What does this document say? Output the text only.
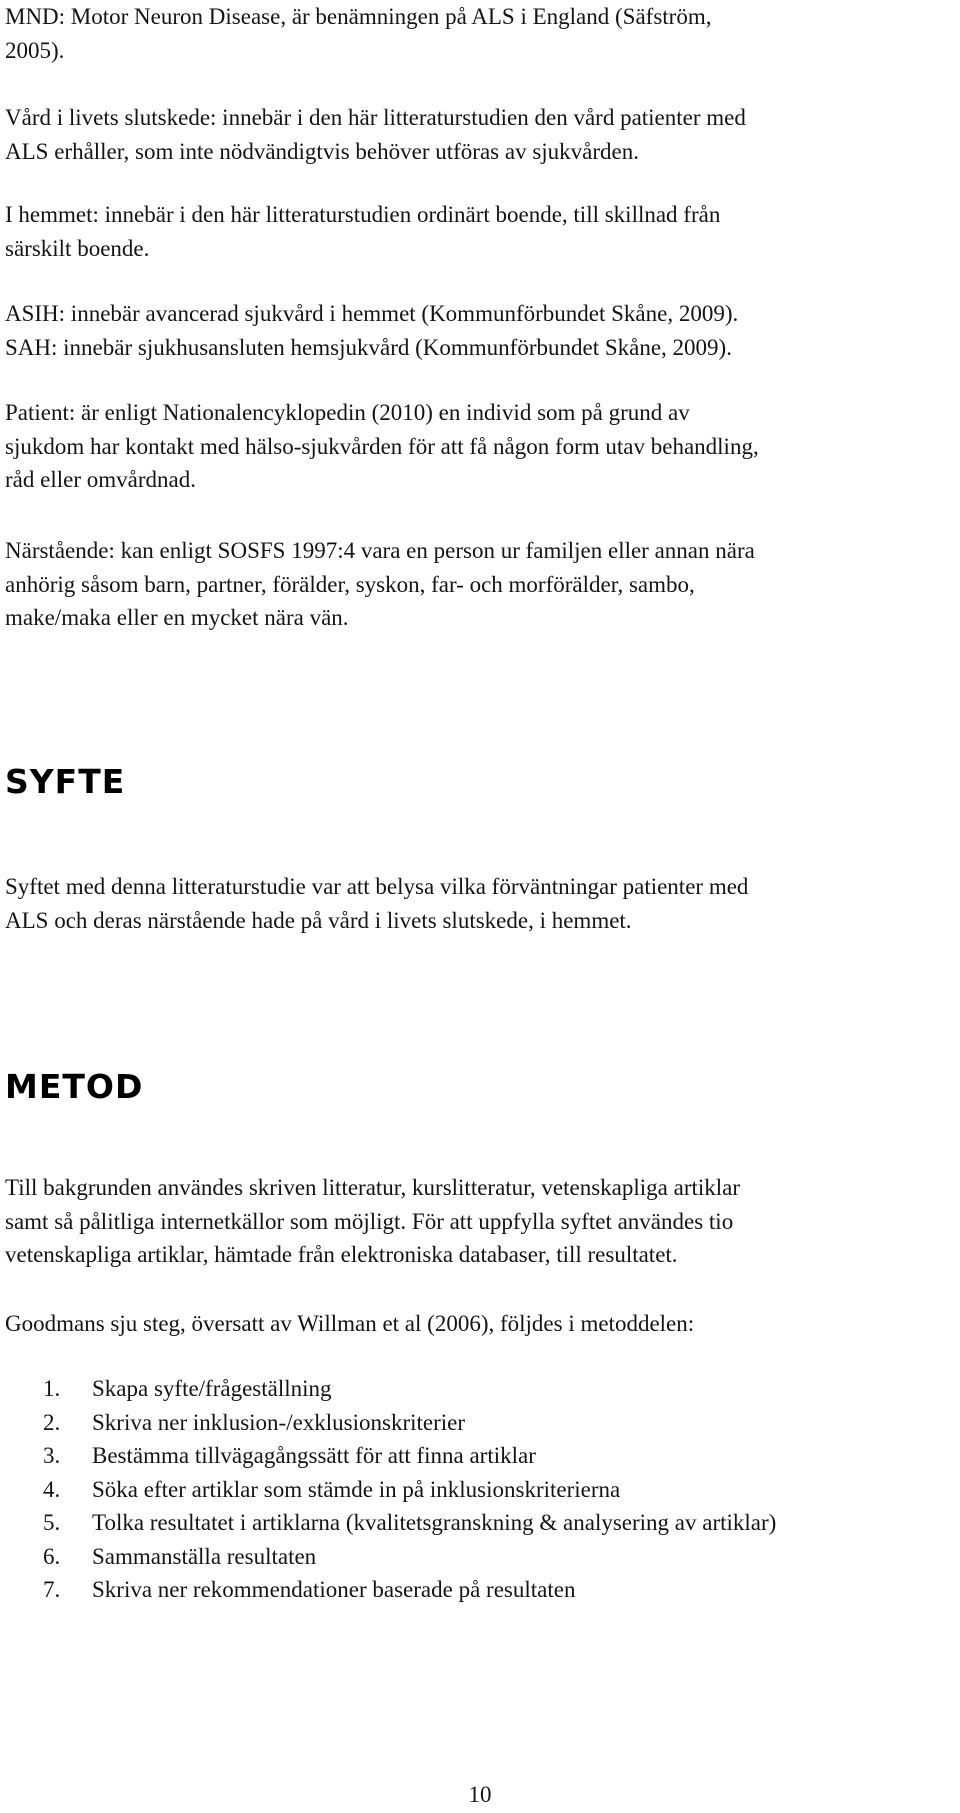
MND: Motor Neuron Disease, är benämningen på ALS i England (Säfström,
2005).

Vård i livets slutskede: innebär i den här litteraturstudien den vård patienter med
ALS erhåller, som inte nödvändigtvis behöver utföras av sjukvården.

I hemmet: innebär i den här litteraturstudien ordinärt boende, till skillnad från
särskilt boende.

ASIH: innebär avancerad sjukvård i hemmet (Kommunförbundet Skåne, 2009).
SAH: innebär sjukhusansluten hemsjukvård (Kommunförbundet Skåne, 2009).

Patient: är enligt Nationalencyklopedin (2010) en individ som på grund av
sjukdom har kontakt med hälso-sjukvården för att få någon form utav behandling,
råd eller omvårdnad.

Närstående: kan enligt SOSFS 1997:4 vara en person ur familjen eller annan nära
anhörig såsom barn, partner, förälder, syskon, far- och morförälder, sambo,
make/maka eller en mycket nära vän.

SYFTE

Syftet med denna litteraturstudie var att belysa vilka förväntningar patienter med
ALS och deras närstående hade på vård i livets slutskede, i hemmet.

METOD

Till bakgrunden användes skriven litteratur, kurslitteratur, vetenskapliga artiklar
samt så pålitliga internetkällor som möjligt. För att uppfylla syftet användes tio
vetenskapliga artiklar, hämtade från elektroniska databaser, till resultatet.

Goodmans sju steg, översatt av Willman et al (2006), följdes i metoddelen:

1.	Skapa syfte/frågeställning
2.	Skriva ner inklusion-/exklusionskriterier
3.	Bestämma tillvägagångssätt för att finna artiklar
4.	Söka efter artiklar som stämde in på inklusionskriterierna
5.	Tolka resultatet i artiklarna (kvalitetsgranskning & analysering av artiklar)
6.	Sammanställa resultaten
7.	Skriva ner rekommendationer baserade på resultaten
10
